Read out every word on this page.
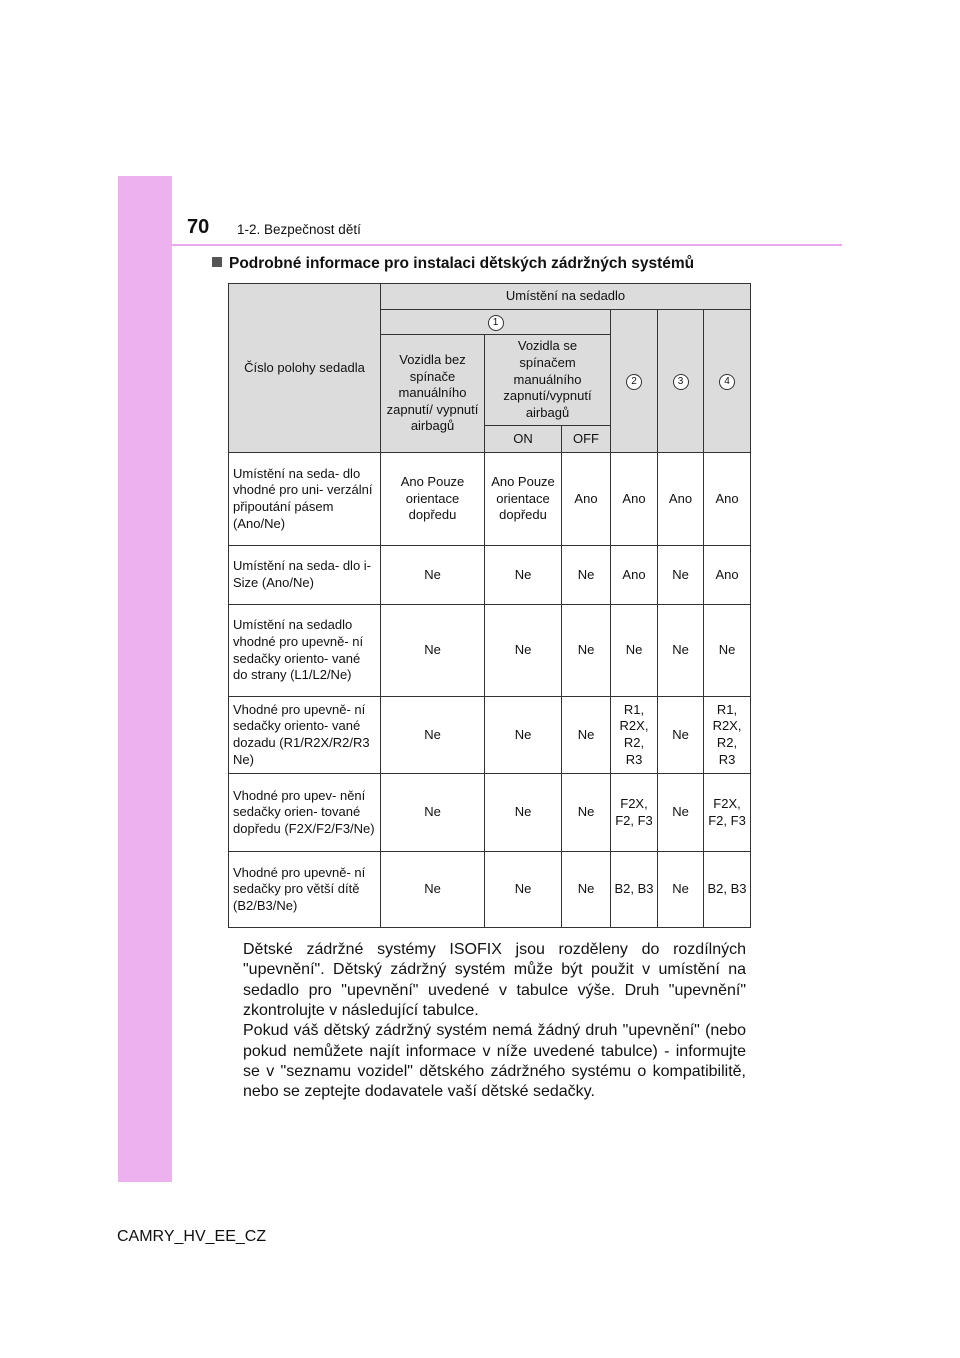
70 1-2. Bezpečnost dětí
Podrobné informace pro instalaci dětských zádržných systémů
Číslo polohy sedadla	Umístění na sedadlo					
	1			2	3	4
	Vozidla bez spínače manuálního zapnutí/ vypnutí airbagů	Vozidla se spínačem manuálního zapnutí/vypnutí airbagů				
		ON	OFF			
Umístění na seda- dlo vhodné pro uni- verzální připoutání pásem (Ano/Ne)	Ano Pouze orientace dopředu	Ano Pouze orientace dopředu	Ano	Ano	Ano	Ano
Umístění na seda- dlo i-Size (Ano/Ne)	Ne	Ne	Ne	Ano	Ne	Ano
Umístění na sedadlo vhodné pro upevně- ní sedačky oriento- vané do strany (L1/L2/Ne)	Ne	Ne	Ne	Ne	Ne	Ne
Vhodné pro upevně- ní sedačky oriento- vané dozadu (R1/R2X/R2/R3 Ne)	Ne	Ne	Ne	R1, R2X, R2, R3	Ne	R1, R2X, R2, R3
Vhodné pro upev- nění sedačky orien- tované dopředu (F2X/F2/F3/Ne)	Ne	Ne	Ne	F2X, F2, F3	Ne	F2X, F2, F3
Vhodné pro upevně- ní sedačky pro větší dítě (B2/B3/Ne)	Ne	Ne	Ne	B2, B3	Ne	B2, B3

Dětské zádržné systémy ISOFIX jsou rozděleny do rozdílných "upevnění". Dětský zádržný systém může být použit v umístění na sedadlo pro "upevnění" uvedené v tabulce výše. Druh "upevnění" zkontrolujte v následující tabulce.

Pokud váš dětský zádržný systém nemá žádný druh "upevnění" (nebo pokud nemůžete najít informace v níže uvedené tabulce) - informujte se v "seznamu vozidel" dětského zádržného systému o kompatibilitě, nebo se zeptejte dodavatele vaší dětské sedačky.

CAMRY_HV_EE_CZ
